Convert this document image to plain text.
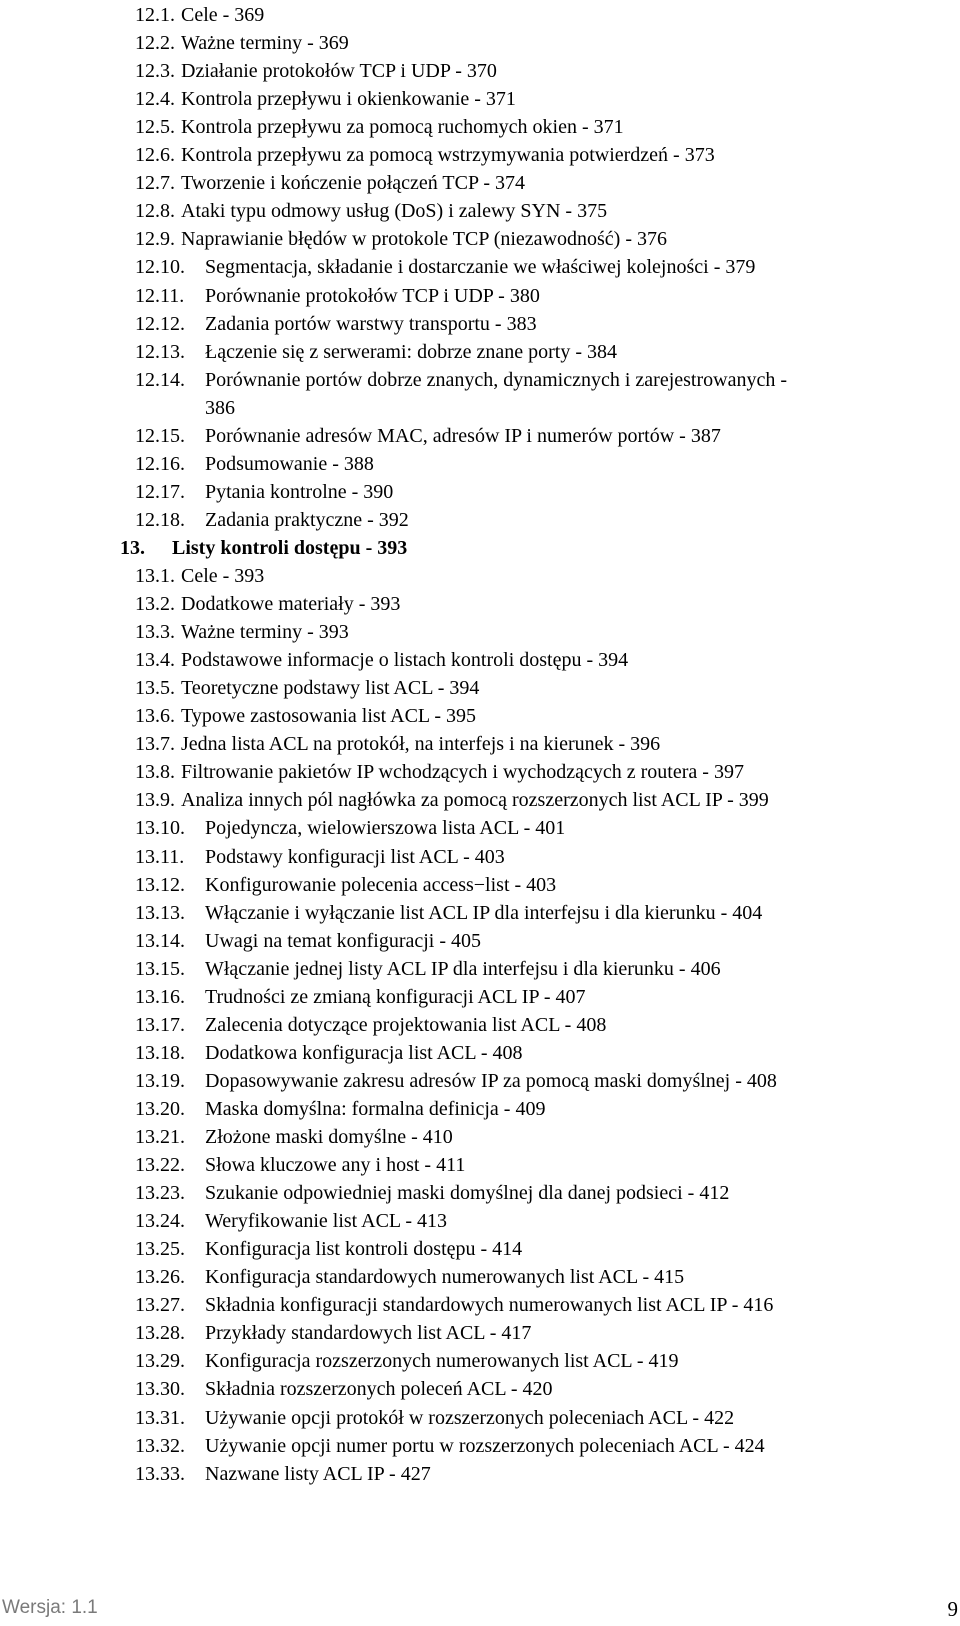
12.1. Cele - 369
12.2. Ważne terminy - 369
12.3. Działanie protokołów TCP i UDP - 370
12.4. Kontrola przepływu i okienkowanie - 371
12.5. Kontrola przepływu za pomocą ruchomych okien - 371
12.6. Kontrola przepływu za pomocą wstrzymywania potwierdzeń - 373
12.7. Tworzenie i kończenie połączeń TCP - 374
12.8. Ataki typu odmowy usług (DoS) i zalewy SYN - 375
12.9. Naprawianie błędów w protokole TCP (niezawodność) - 376
12.10. Segmentacja, składanie i dostarczanie we właściwej kolejności - 379
12.11. Porównanie protokołów TCP i UDP - 380
12.12. Zadania portów warstwy transportu - 383
12.13. Łączenie się z serwerami: dobrze znane porty - 384
12.14. Porównanie portów dobrze znanych, dynamicznych i zarejestrowanych -
386
12.15. Porównanie adresów MAC, adresów IP i numerów portów - 387
12.16. Podsumowanie - 388
12.17. Pytania kontrolne - 390
12.18. Zadania praktyczne - 392
13. Listy kontroli dostępu - 393
13.1. Cele - 393
13.2. Dodatkowe materiały - 393
13.3. Ważne terminy - 393
13.4. Podstawowe informacje o listach kontroli dostępu - 394
13.5. Teoretyczne podstawy list ACL - 394
13.6. Typowe zastosowania list ACL - 395
13.7. Jedna lista ACL na protokół, na interfejs i na kierunek - 396
13.8. Filtrowanie pakietów IP wchodzących i wychodzących z routera - 397
13.9. Analiza innych pól nagłówka za pomocą rozszerzonych list ACL IP - 399
13.10. Pojedyncza, wielowierszowa lista ACL - 401
13.11. Podstawy konfiguracji list ACL - 403
13.12. Konfigurowanie polecenia access−list - 403
13.13. Włączanie i wyłączanie list ACL IP dla interfejsu i dla kierunku - 404
13.14. Uwagi na temat konfiguracji - 405
13.15. Włączanie jednej listy ACL IP dla interfejsu i dla kierunku - 406
13.16. Trudności ze zmianą konfiguracji ACL IP - 407
13.17. Zalecenia dotyczące projektowania list ACL - 408
13.18. Dodatkowa konfiguracja list ACL - 408
13.19. Dopasowywanie zakresu adresów IP za pomocą maski domyślnej - 408
13.20. Maska domyślna: formalna definicja - 409
13.21. Złożone maski domyślne - 410
13.22. Słowa kluczowe any i host - 411
13.23. Szukanie odpowiedniej maski domyślnej dla danej podsieci - 412
13.24. Weryfikowanie list ACL - 413
13.25. Konfiguracja list kontroli dostępu - 414
13.26. Konfiguracja standardowych numerowanych list ACL - 415
13.27. Składnia konfiguracji standardowych numerowanych list ACL IP - 416
13.28. Przykłady standardowych list ACL - 417
13.29. Konfiguracja rozszerzonych numerowanych list ACL - 419
13.30. Składnia rozszerzonych poleceń ACL - 420
13.31. Używanie opcji protokół w rozszerzonych poleceniach ACL - 422
13.32. Używanie opcji numer portu w rozszerzonych poleceniach ACL - 424
13.33. Nazwane listy ACL IP - 427
Wersja: 1.1	9
